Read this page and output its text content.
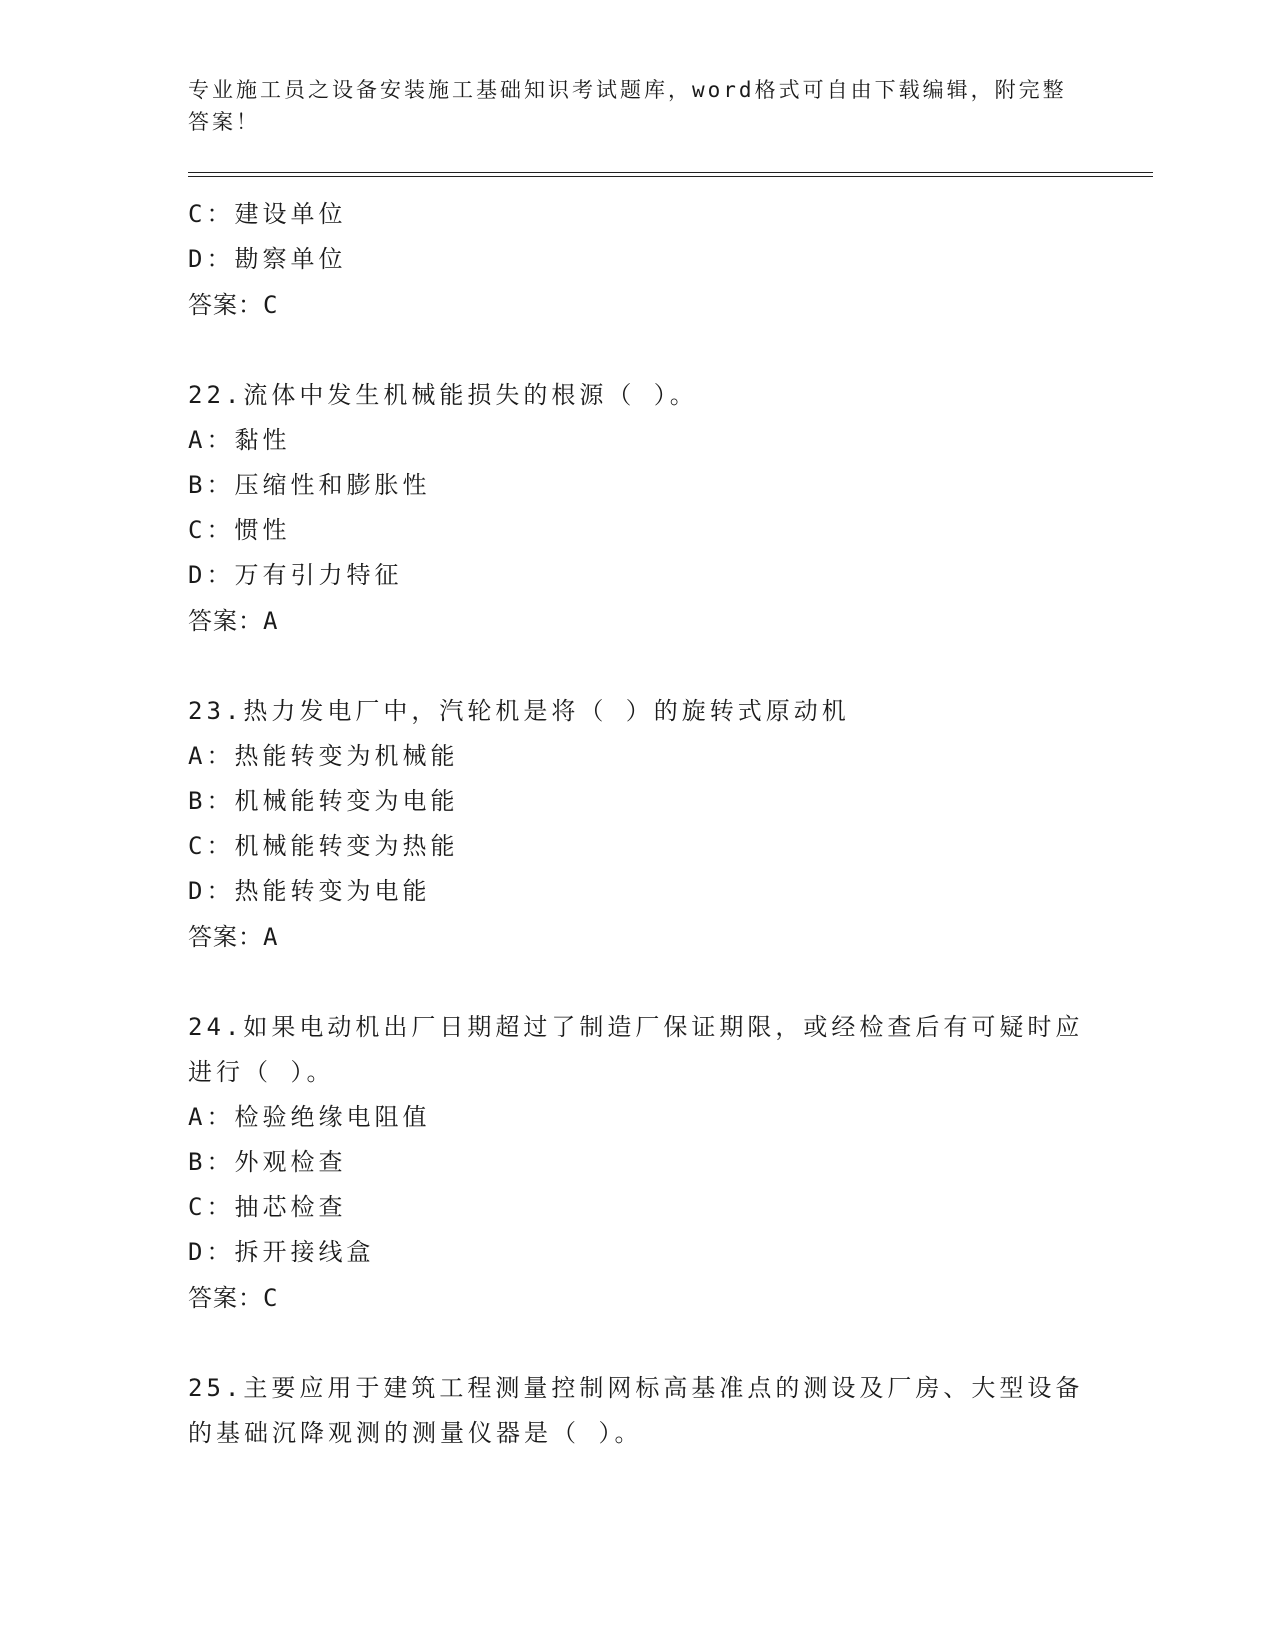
专业施工员之设备安装施工基础知识考试题库，word格式可自由下载编辑，附完整答案！
C：建设单位
D：勘察单位
答案：C
22.流体中发生机械能损失的根源（ ）。
A：黏性
B：压缩性和膨胀性
C：惯性
D：万有引力特征
答案：A
23.热力发电厂中，汽轮机是将（ ）的旋转式原动机
A：热能转变为机械能
B：机械能转变为电能
C：机械能转变为热能
D：热能转变为电能
答案：A
24.如果电动机出厂日期超过了制造厂保证期限，或经检查后有可疑时应进行（ ）。
A：检验绝缘电阻值
B：外观检查
C：抽芯检查
D：拆开接线盒
答案：C
25.主要应用于建筑工程测量控制网标高基准点的测设及厂房、大型设备的基础沉降观测的测量仪器是（ ）。
